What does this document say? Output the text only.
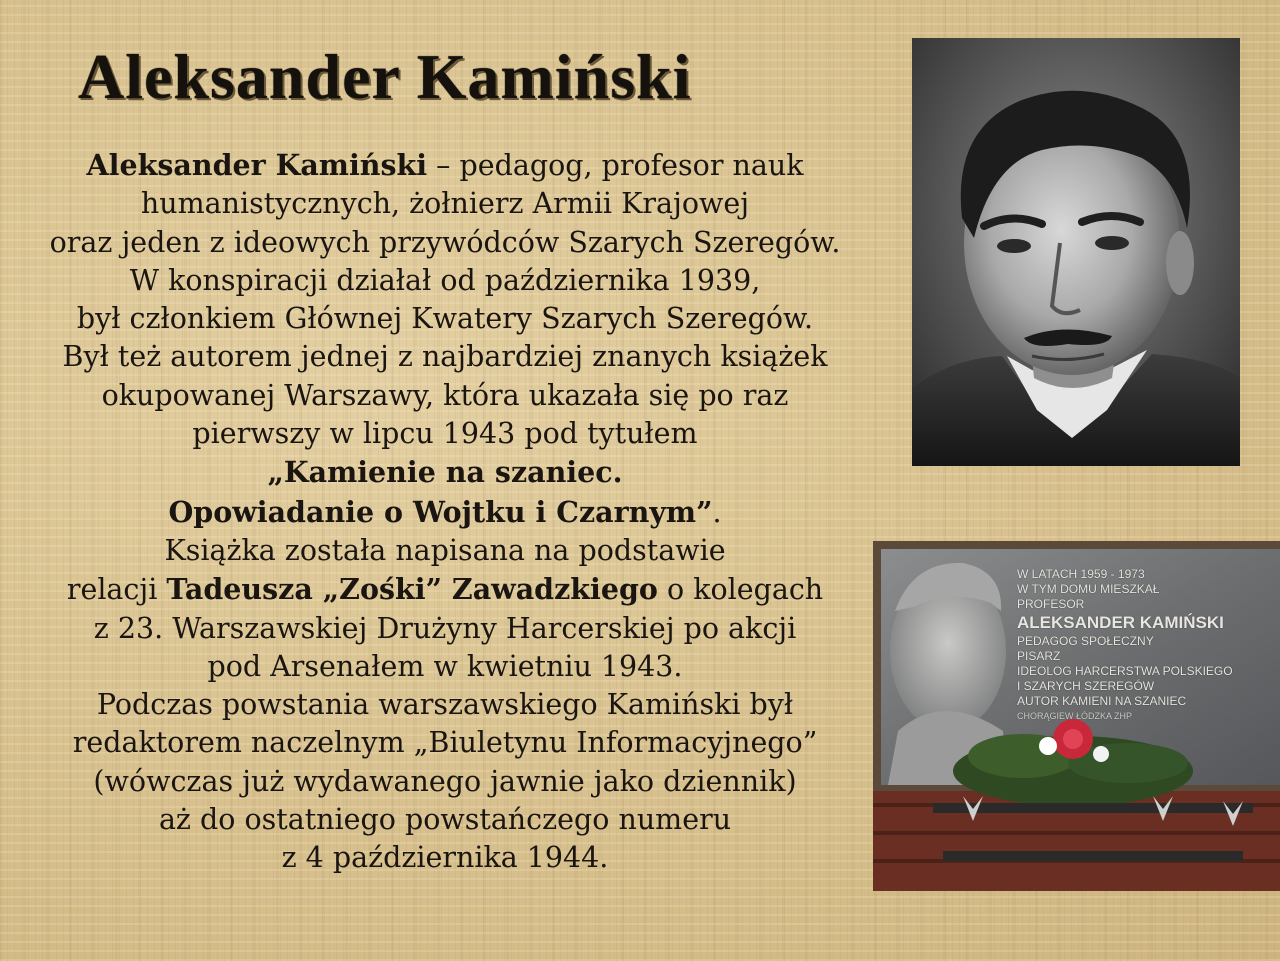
Aleksander Kamiński
Aleksander Kamiński – pedagog, profesor nauk
humanistycznych, żołnierz Armii Krajowej
oraz jeden z ideowych przywódców Szarych Szeregów.
W konspiracji działał od października 1939,
był członkiem Głównej Kwatery Szarych Szeregów.
Był też autorem jednej z najbardziej znanych książek
okupowanej Warszawy, która ukazała się po raz
pierwszy w lipcu 1943 pod tytułem
„Kamienie na szaniec.
Opowiadanie o Wojtku i Czarnym”.
Książka została napisana na podstawie
relacji Tadeusza „Zośki” Zawadzkiego o kolegach
z 23. Warszawskiej Drużyny Harcerskiej po akcji
pod Arsenałem w kwietniu 1943.
Podczas powstania warszawskiego Kamiński był
redaktorem naczelnym „Biuletynu Informacyjnego”
(wówczas już wydawanego jawnie jako dziennik)
aż do ostatniego powstańczego numeru
z 4 października 1944.
W LATACH 1959 - 1973
W TYM DOMU MIESZKAŁ
PROFESOR
ALEKSANDER KAMIŃSKI
PEDAGOG SPOŁECZNY
PISARZ
IDEOLOG HARCERSTWA POLSKIEGO
I SZARYCH SZEREGÓW
AUTOR KAMIENI NA SZANIEC
CHORĄGIEW ŁÓDZKA ZHP
